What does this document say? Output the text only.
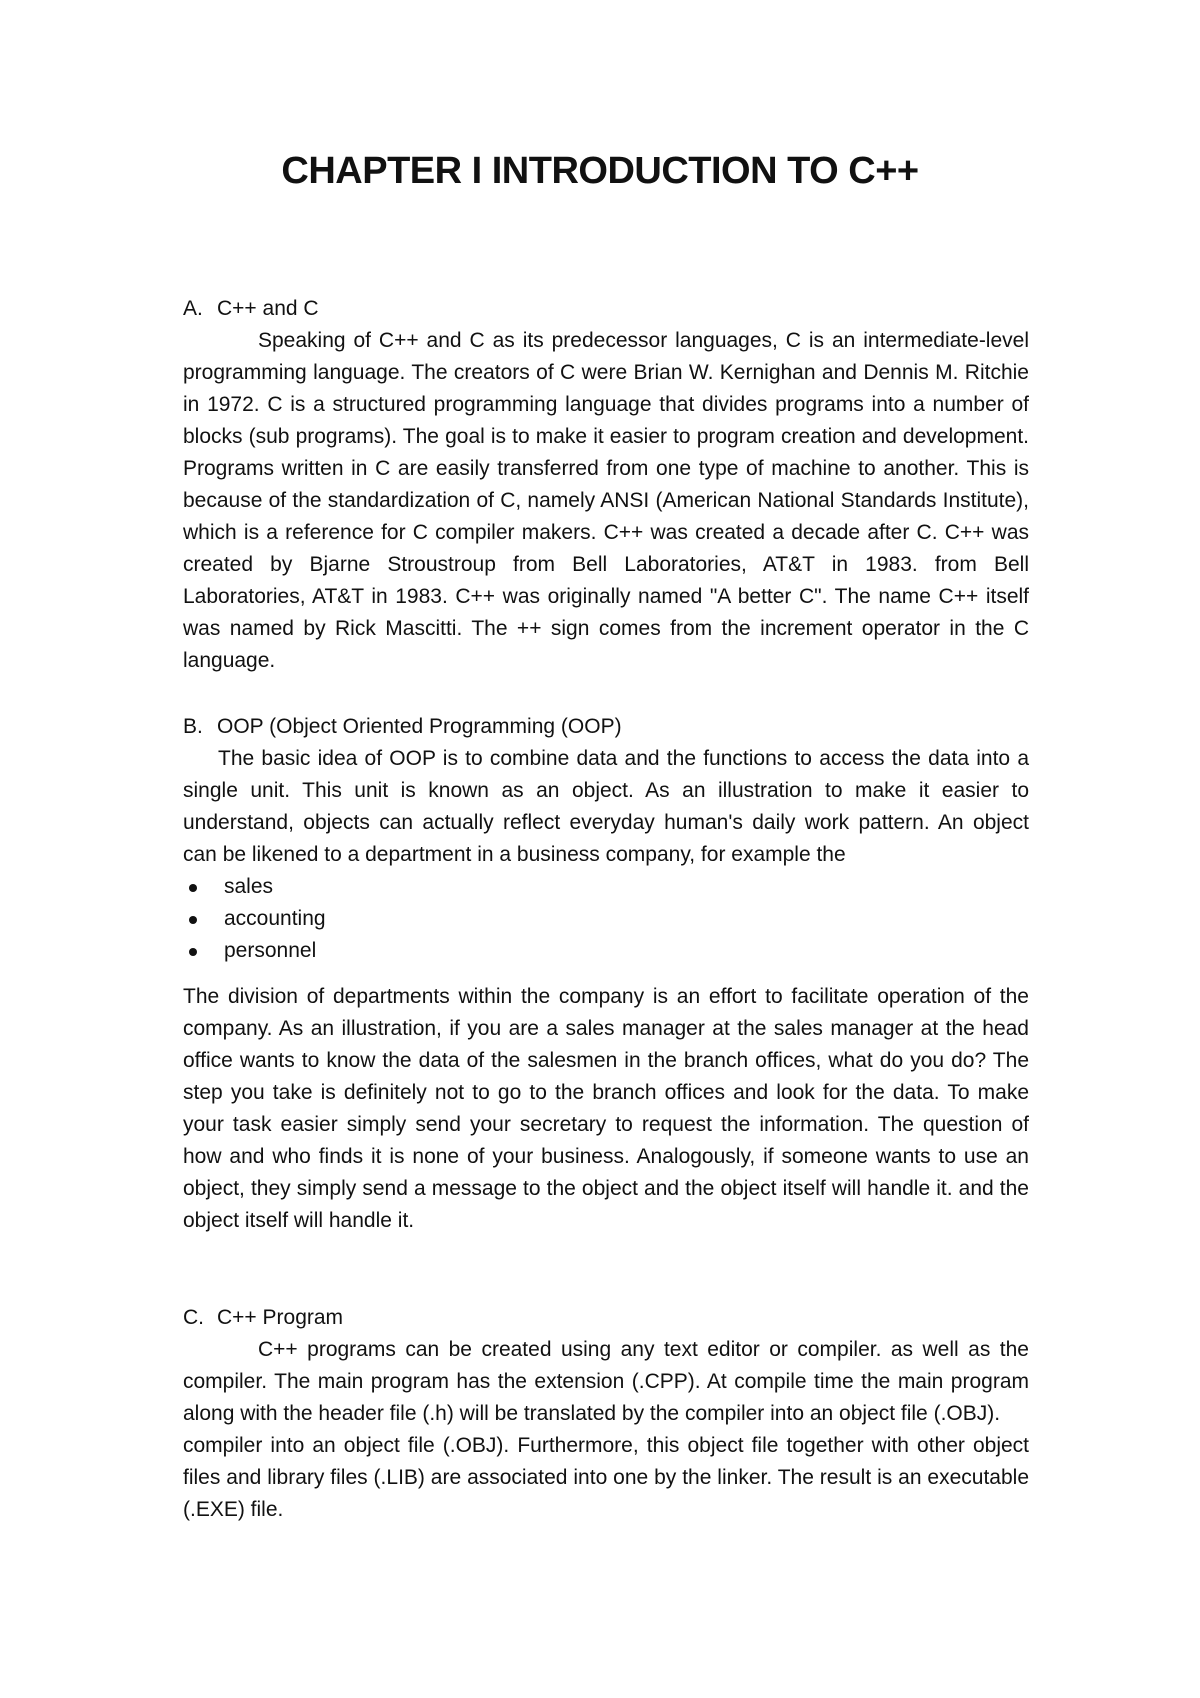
CHAPTER I INTRODUCTION TO C++
A. C++ and C

Speaking of C++ and C as its predecessor languages, C is an intermediate-level programming language. The creators of C were Brian W. Kernighan and Dennis M. Ritchie in 1972. C is a structured programming language that divides programs into a number of blocks (sub programs). The goal is to make it easier to program creation and development. Programs written in C are easily transferred from one type of machine to another. This is because of the standardization of C, namely ANSI (American National Standards Institute), which is a reference for C compiler makers. C++ was created a decade after C. C++ was created by Bjarne Stroustroup from Bell Laboratories, AT&T in 1983. from Bell Laboratories, AT&T in 1983. C++ was originally named "A better C". The name C++ itself was named by Rick Mascitti. The ++ sign comes from the increment operator in the C language.

B. OOP (Object Oriented Programming (OOP)

The basic idea of OOP is to combine data and the functions to access the data into a single unit. This unit is known as an object. As an illustration to make it easier to understand, objects can actually reflect everyday human's daily work pattern. An object can be likened to a department in a business company, for example the

sales
accounting
personnel

The division of departments within the company is an effort to facilitate operation of the company. As an illustration, if you are a sales manager at the sales manager at the head office wants to know the data of the salesmen in the branch offices, what do you do? The step you take is definitely not to go to the branch offices and look for the data. To make your task easier simply send your secretary to request the information. The question of how and who finds it is none of your business. Analogously, if someone wants to use an object, they simply send a message to the object and the object itself will handle it. and the object itself will handle it.

C. C++ Program

C++ programs can be created using any text editor or compiler. as well as the compiler. The main program has the extension (.CPP). At compile time the main program along with the header file (.h) will be translated by the compiler into an object file (.OBJ).

compiler into an object file (.OBJ). Furthermore, this object file together with other object files and library files (.LIB) are associated into one by the linker. The result is an executable (.EXE) file.
